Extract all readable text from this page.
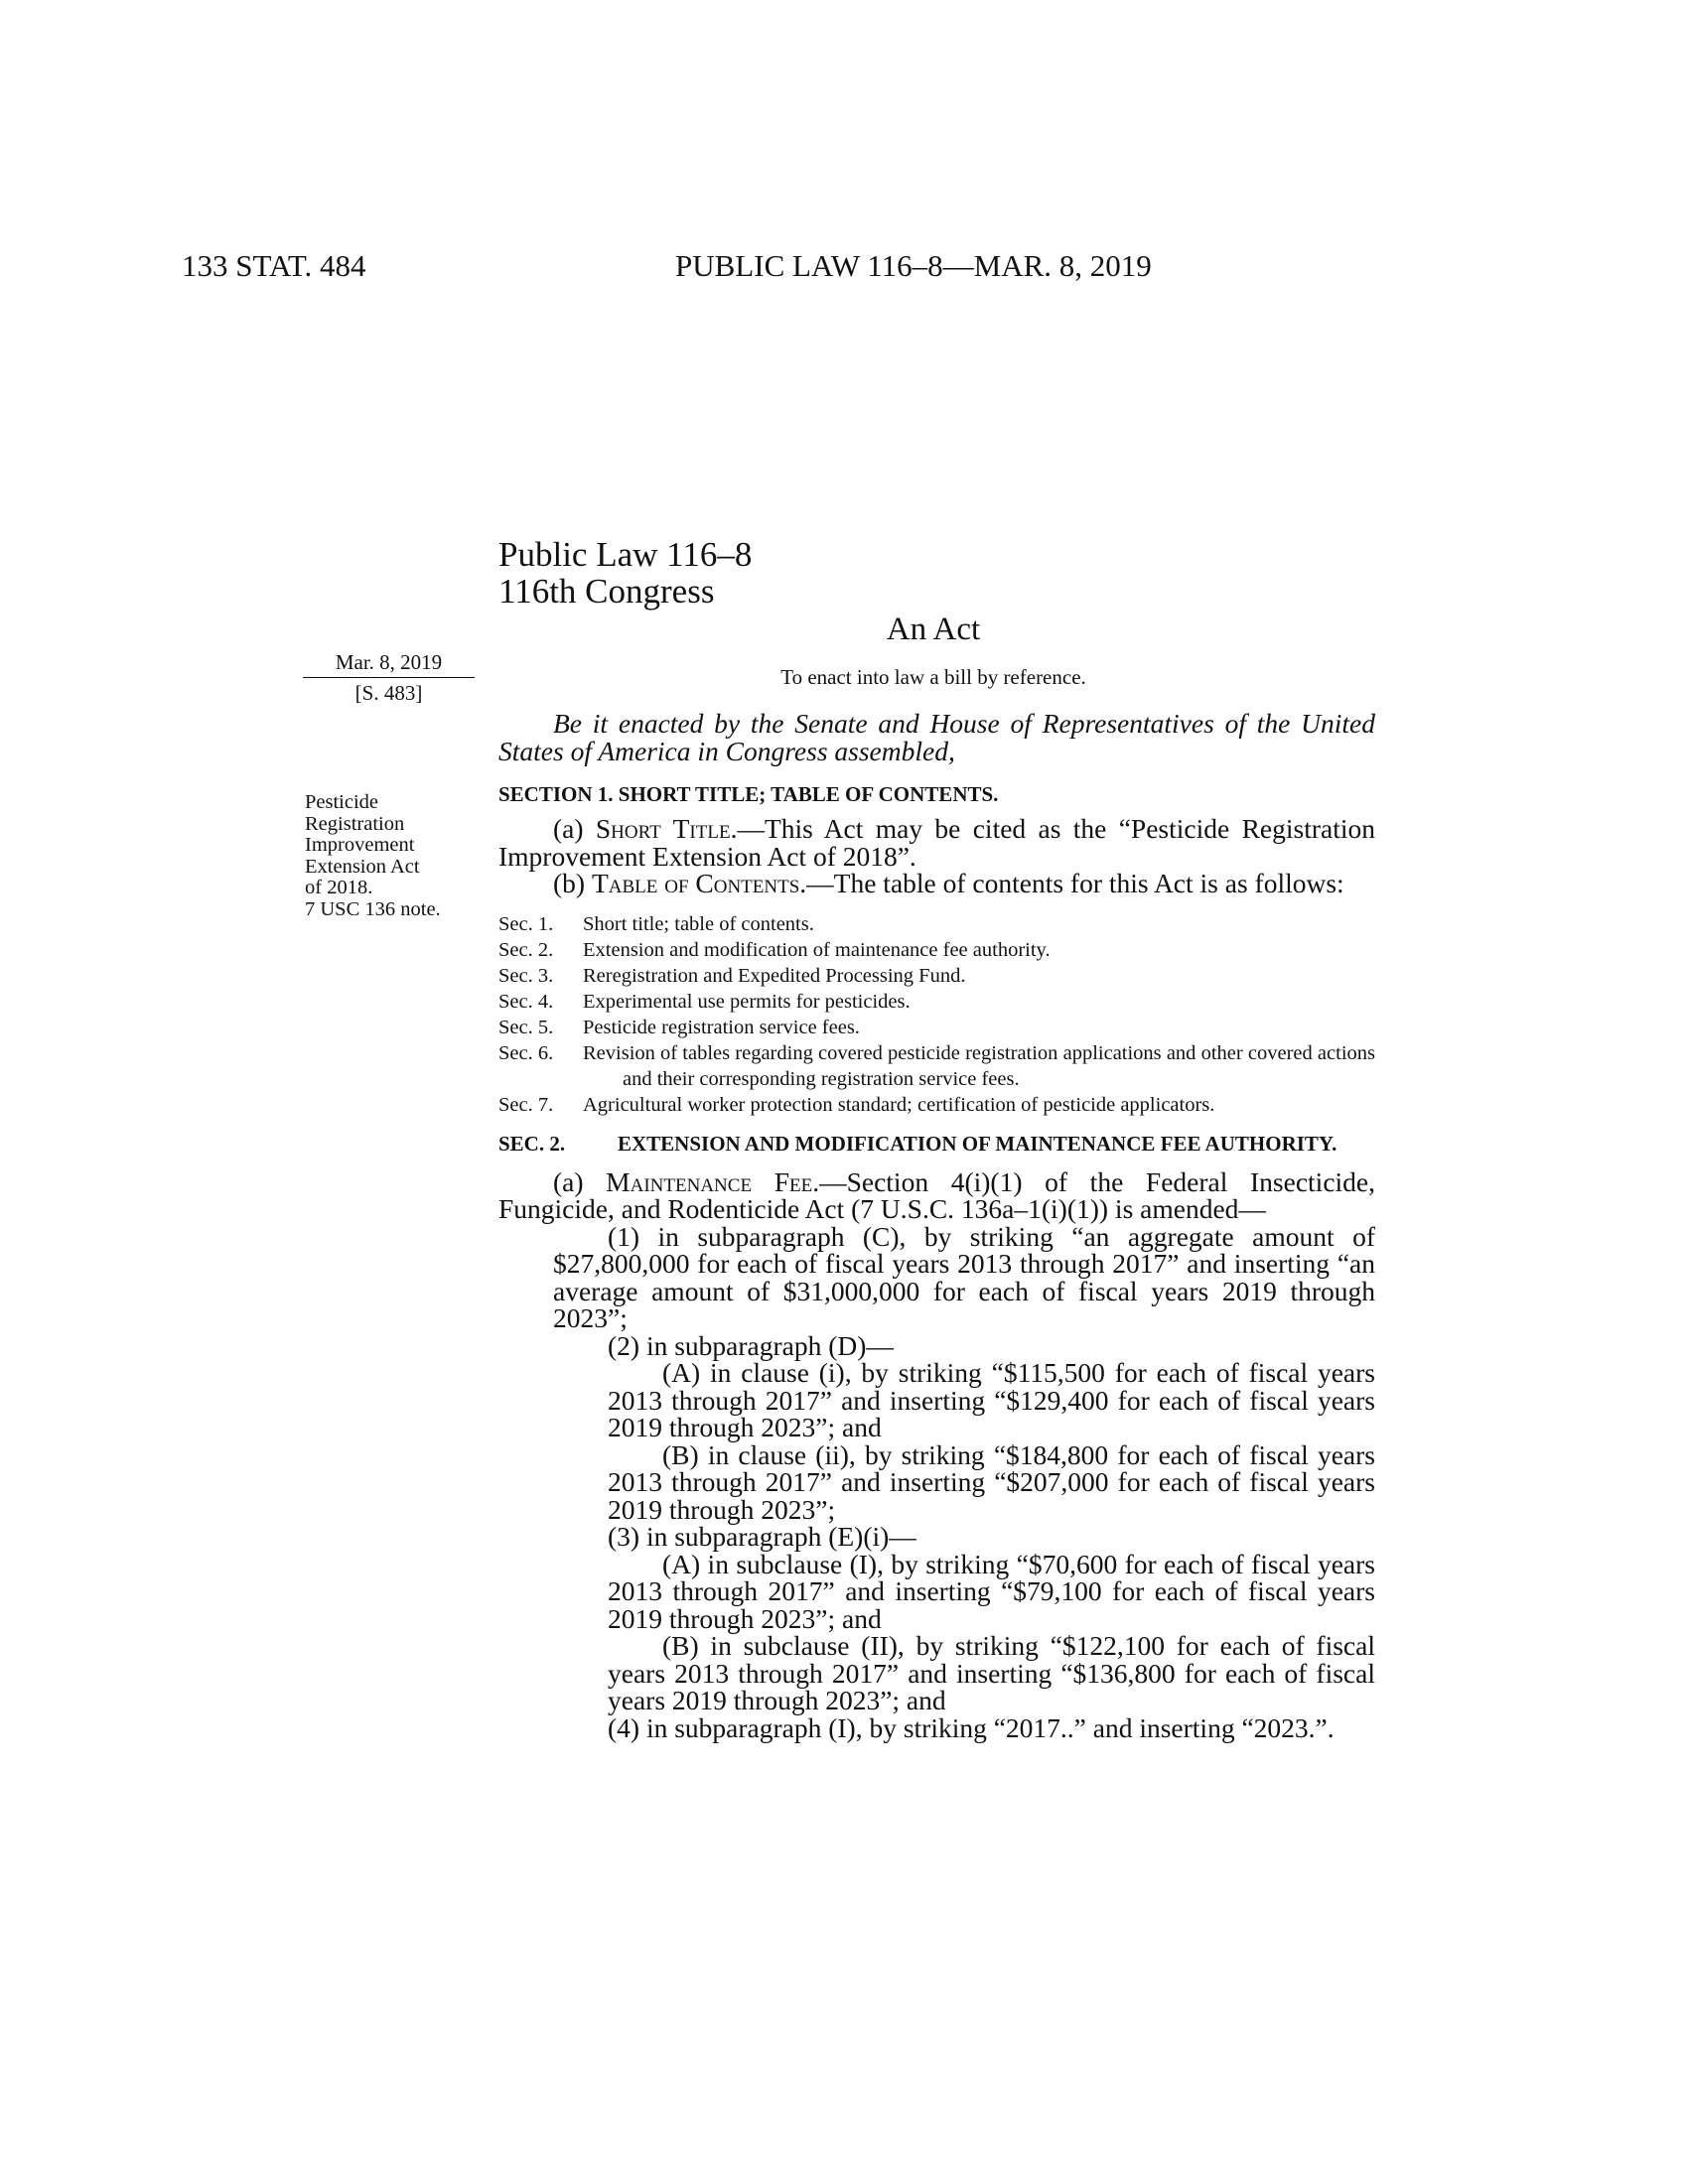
133 STAT. 484	PUBLIC LAW 116–8—MAR. 8, 2019
Public Law 116–8
116th Congress
An Act
To enact into law a bill by reference.
Mar. 8, 2019
[S. 483]
Pesticide
Registration
Improvement
Extension Act
of 2018.
7 USC 136 note.

Be it enacted by the Senate and House of Representatives of the United States of America in Congress assembled,

SECTION 1. SHORT TITLE; TABLE OF CONTENTS.

(a) Short Title.—This Act may be cited as the “Pesticide Registration Improvement Extension Act of 2018”.

(b) Table of Contents.—The table of contents for this Act is as follows:

Sec. 1. Short title; table of contents.
Sec. 2. Extension and modification of maintenance fee authority.
Sec. 3. Reregistration and Expedited Processing Fund.
Sec. 4. Experimental use permits for pesticides.
Sec. 5. Pesticide registration service fees.
Sec. 6. Revision of tables regarding covered pesticide registration applications and other covered actions and their corresponding registration service fees.
Sec. 7. Agricultural worker protection standard; certification of pesticide applicators.
SEC. 2.	EXTENSION AND MODIFICATION OF MAINTENANCE FEE AUTHORITY.

(a) Maintenance Fee.—Section 4(i)(1) of the Federal Insecticide, Fungicide, and Rodenticide Act (7 U.S.C. 136a–1(i)(1)) is amended—

(1) in subparagraph (C), by striking “an aggregate amount of $27,800,000 for each of fiscal years 2013 through 2017” and inserting “an average amount of $31,000,000 for each of fiscal years 2019 through 2023”;

(2) in subparagraph (D)—

(A) in clause (i), by striking “$115,500 for each of fiscal years 2013 through 2017” and inserting “$129,400 for each of fiscal years 2019 through 2023”; and

(B) in clause (ii), by striking “$184,800 for each of fiscal years 2013 through 2017” and inserting “$207,000 for each of fiscal years 2019 through 2023”;

(3) in subparagraph (E)(i)—

(A) in subclause (I), by striking “$70,600 for each of fiscal years 2013 through 2017” and inserting “$79,100 for each of fiscal years 2019 through 2023”; and

(B) in subclause (II), by striking “$122,100 for each of fiscal years 2013 through 2017” and inserting “$136,800 for each of fiscal years 2019 through 2023”; and

(4) in subparagraph (I), by striking “2017..” and inserting “2023.”.
